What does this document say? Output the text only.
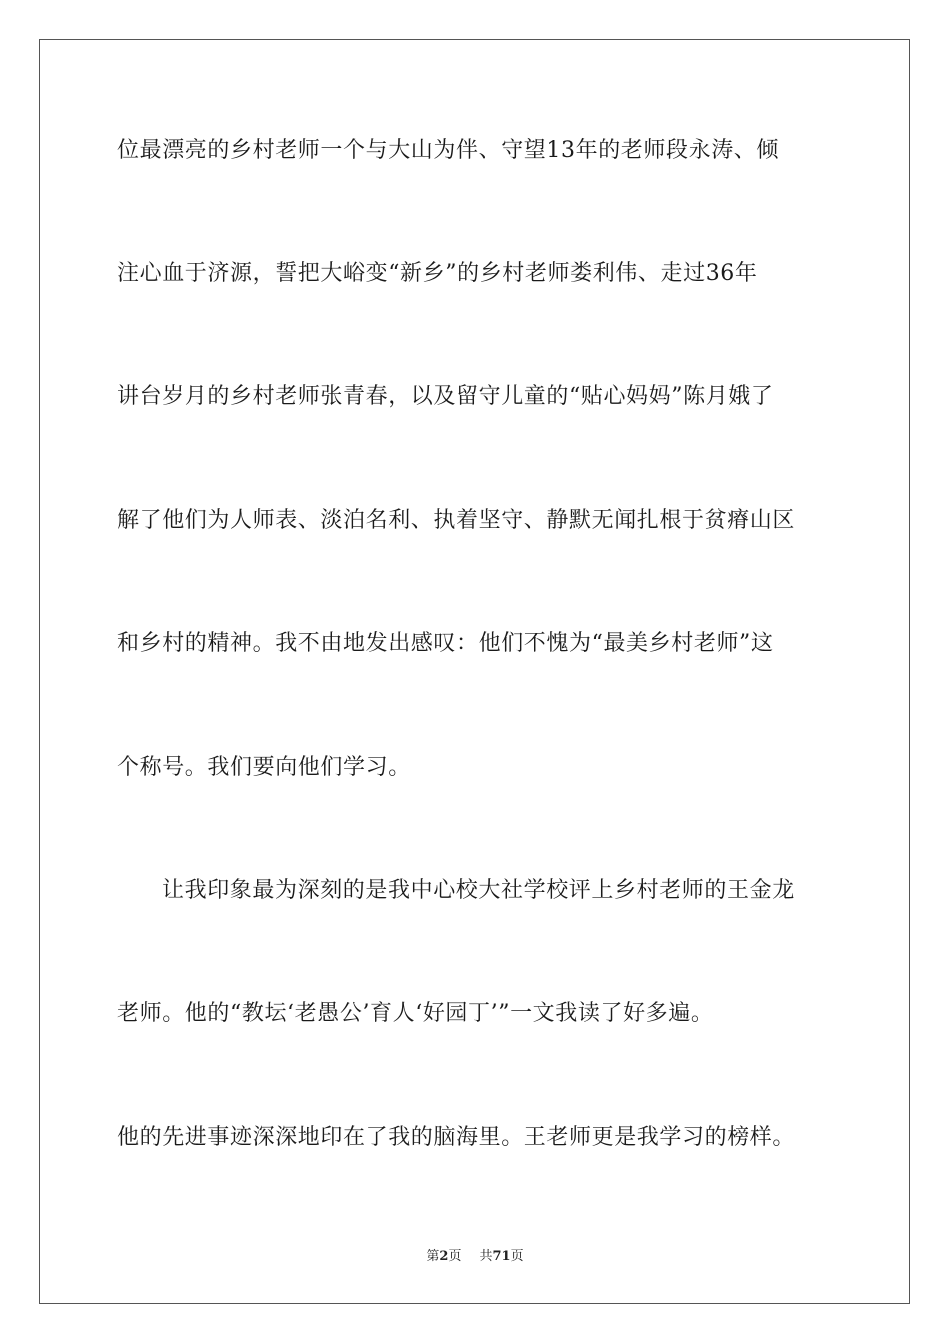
位最漂亮的乡村老师一个与大山为伴、守望13年的老师段永涛、倾
注心血于济源，誓把大峪变“新乡”的乡村老师娄利伟、走过36年
讲台岁月的乡村老师张青春，以及留守儿童的“贴心妈妈”陈月娥了
解了他们为人师表、淡泊名利、执着坚守、静默无闻扎根于贫瘠山区
和乡村的精神。我不由地发出感叹：他们不愧为“最美乡村老师”这
个称号。我们要向他们学习。
让我印象最为深刻的是我中心校大社学校评上乡村老师的王金龙
老师。他的“教坛‘老愚公’育人‘好园丁’”一文我读了好多遍。
他的先进事迹深深地印在了我的脑海里。王老师更是我学习的榜样。
第2页 共71页
